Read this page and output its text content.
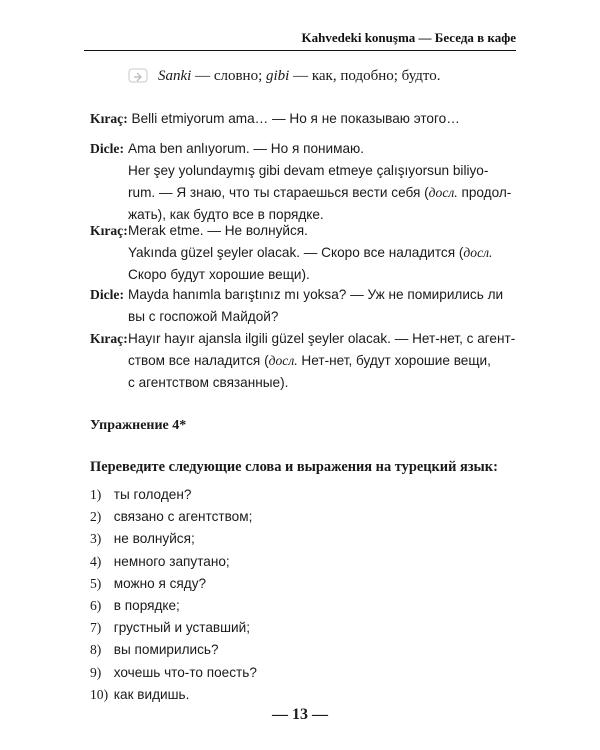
Kahvedeki konuşma — Беседа в кафе
Sanki — словно; gibi — как, подобно; будто.
Kıraç: Belli etmiyorum ama… — Но я не показываю этого…
Dicle: Ama ben anlıyorum. — Но я понимаю.
Her şey yolundaymış gibi devam etmeye çalışıyorsun biliyo-
rum. — Я знаю, что ты стараешься вести себя (досл. продол-
жать), как будто все в порядке.
Kıraç: Merak etme. — Не волнуйся.
Yakında güzel şeyler olacak. — Скоро все наладится (досл.
Скоро будут хорошие вещи).
Dicle: Mayda hanımla barıştınız mı yoksa? — Уж не помирились ли
вы с госпожой Майдой?
Kıraç: Hayır hayır ajansla ilgili güzel şeyler olacak. — Нет-нет, с агент-
ством все наладится (досл. Нет-нет, будут хорошие вещи,
с агентством связанные).
Упражнение 4*
Переведите следующие слова и выражения на турецкий язык:
1) ты голоден?
2) связано с агентством;
3) не волнуйся;
4) немного запутано;
5) можно я сяду?
6) в порядке;
7) грустный и уставший;
8) вы помирились?
9) хочешь что-то поесть?
10) как видишь.
— 13 —
